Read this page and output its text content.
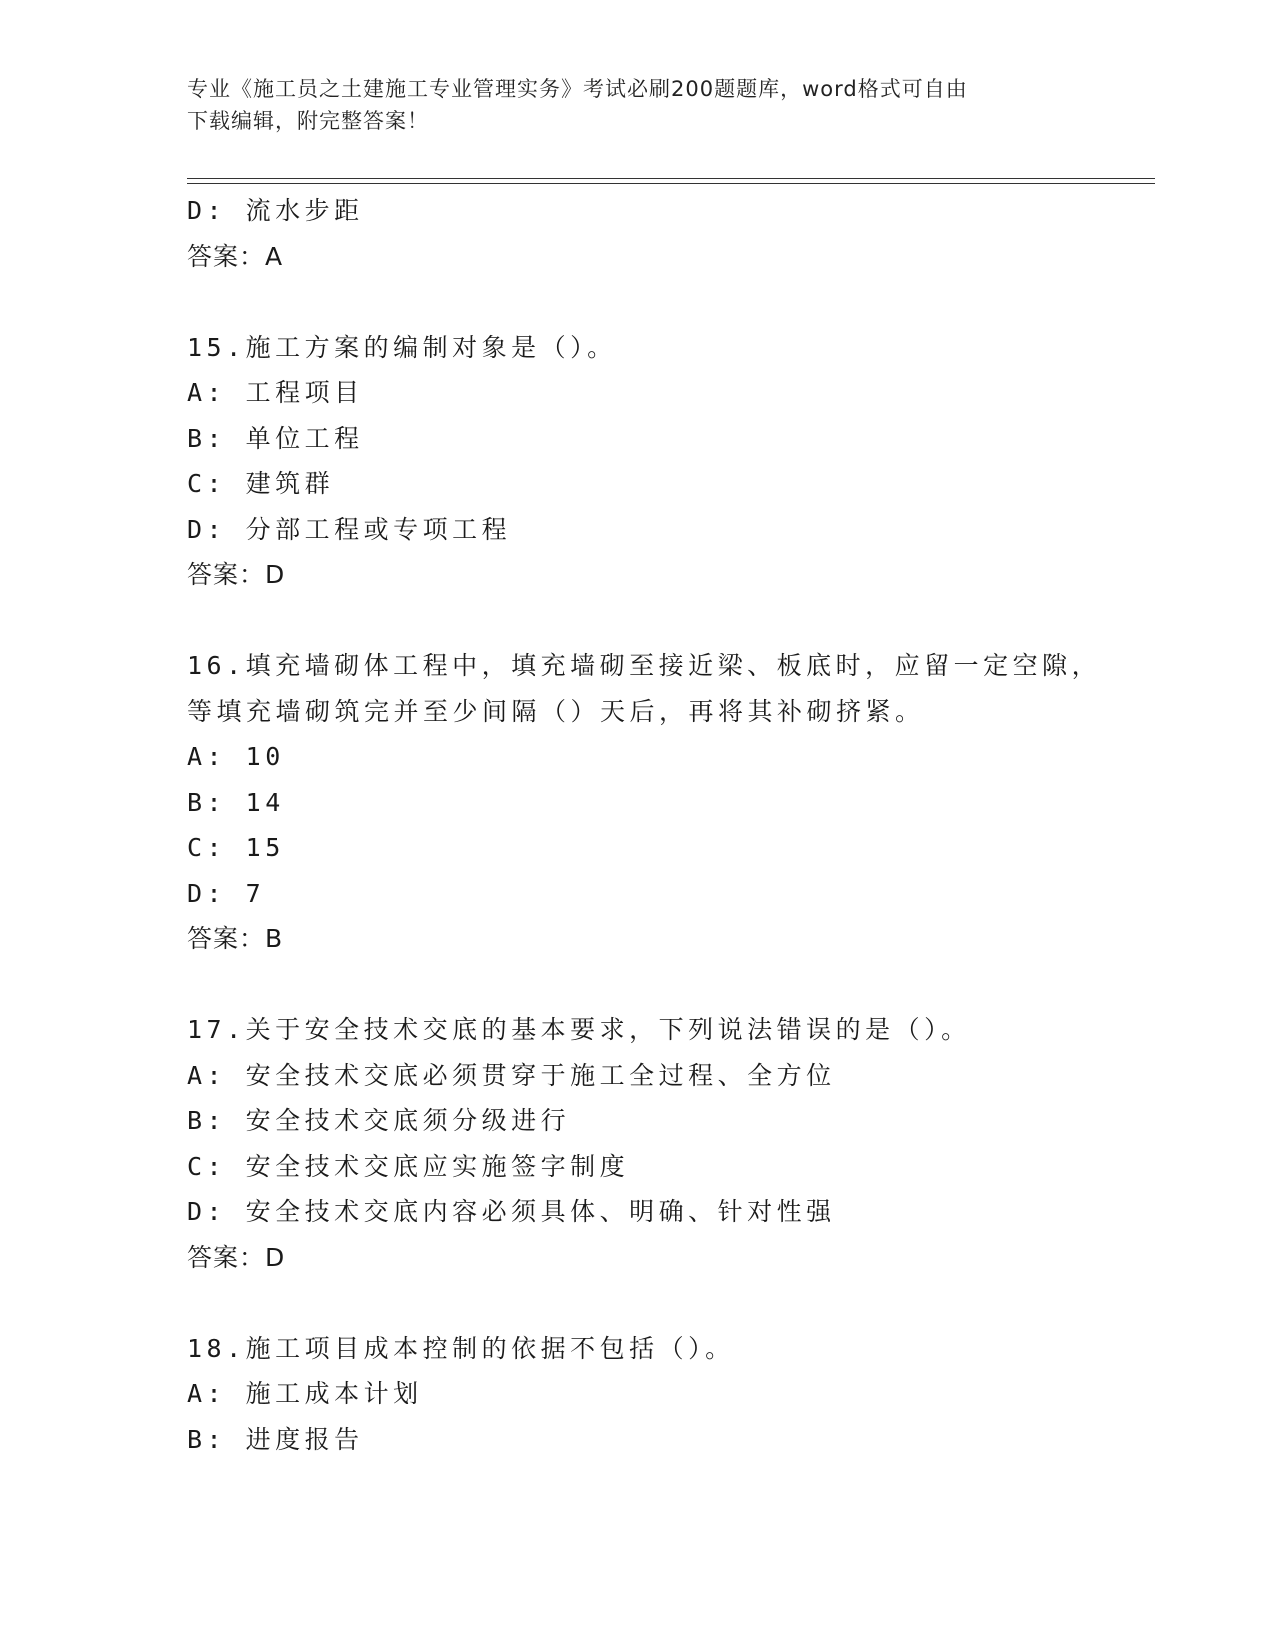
专业《施工员之土建施工专业管理实务》考试必刷200题题库，word格式可自由
下载编辑，附完整答案！
D: 流水步距
答案：A
15.施工方案的编制对象是（）。
A: 工程项目
B: 单位工程
C: 建筑群
D: 分部工程或专项工程
答案：D
16.填充墙砌体工程中，填充墙砌至接近梁、板底时，应留一定空隙，
等填充墙砌筑完并至少间隔（）天后，再将其补砌挤紧。
A: 10
B: 14
C: 15
D: 7
答案：B
17.关于安全技术交底的基本要求，下列说法错误的是（）。
A: 安全技术交底必须贯穿于施工全过程、全方位
B: 安全技术交底须分级进行
C: 安全技术交底应实施签字制度
D: 安全技术交底内容必须具体、明确、针对性强
答案：D
18.施工项目成本控制的依据不包括（）。
A: 施工成本计划
B: 进度报告
